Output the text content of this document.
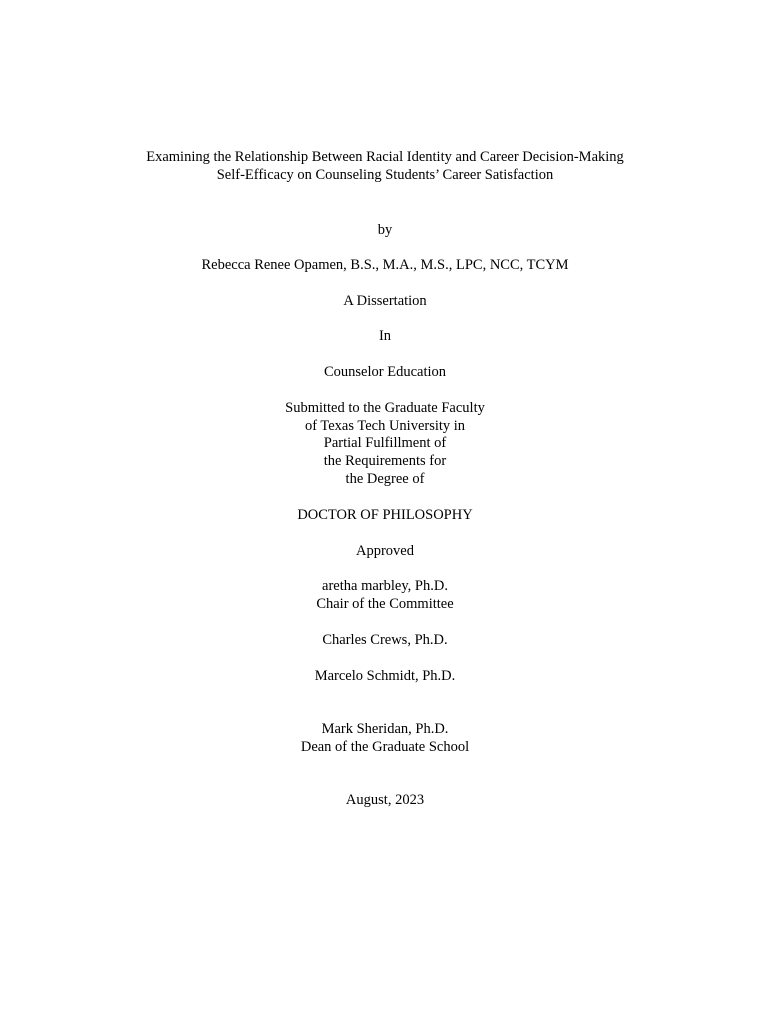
Examining the Relationship Between Racial Identity and Career Decision-Making
Self-Efficacy on Counseling Students’ Career Satisfaction
by
Rebecca Renee Opamen, B.S., M.A., M.S., LPC, NCC, TCYM
A Dissertation
In
Counselor Education
Submitted to the Graduate Faculty
of Texas Tech University in
Partial Fulfillment of
the Requirements for
the Degree of
DOCTOR OF PHILOSOPHY
Approved
aretha marbley, Ph.D.
Chair of the Committee
Charles Crews, Ph.D.
Marcelo Schmidt, Ph.D.
Mark Sheridan, Ph.D.
Dean of the Graduate School
August, 2023
